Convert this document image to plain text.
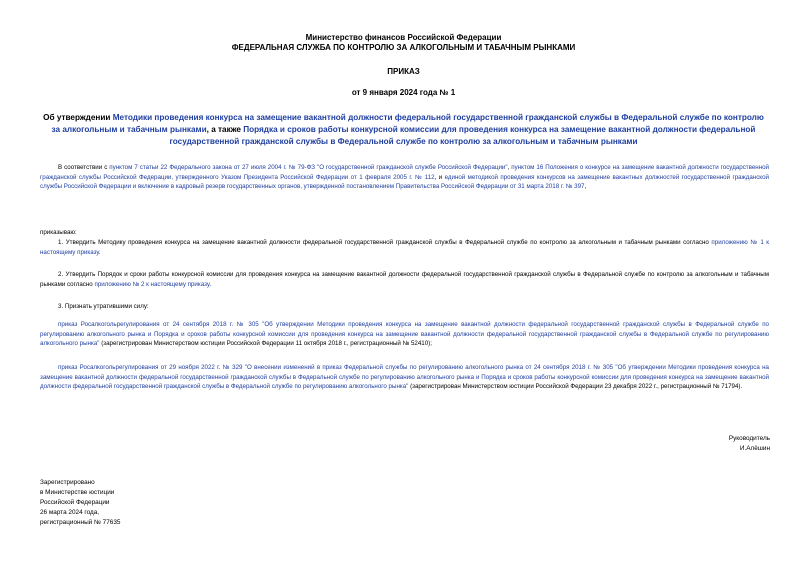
Министерство финансов Российской Федерации
ФЕДЕРАЛЬНАЯ СЛУЖБА ПО КОНТРОЛЮ ЗА АЛКОГОЛЬНЫМ И ТАБАЧНЫМ РЫНКАМИ
ПРИКАЗ
от 9 января 2024 года № 1
Об утверждении Методики проведения конкурса на замещение вакантной должности федеральной государственной гражданской службы в Федеральной службе по контролю за алкогольным и табачным рынками, а также Порядка и сроков работы конкурсной комиссии для проведения конкурса на замещение вакантной должности федеральной государственной гражданской службы в Федеральной службе по контролю за алкогольным и табачным рынками
В соответствии с пунктом 7 статьи 22 Федерального закона от 27 июля 2004 г. № 79-ФЗ "О государственной гражданской службе Российской Федерации", пунктом 16 Положения о конкурсе на замещение вакантной должности государственной гражданской службы Российской Федерации, утвержденного Указом Президента Российской Федерации от 1 февраля 2005 г. № 112, и единой методикой проведения конкурсов на замещение вакантных должностей государственной гражданской службы Российской Федерации и включение в кадровый резерв государственных органов, утвержденной постановлением Правительства Российской Федерации от 31 марта 2018 г. № 397,
приказываю:
1. Утвердить Методику проведения конкурса на замещение вакантной должности федеральной государственной гражданской службы в Федеральной службе по контролю за алкогольным и табачным рынками согласно приложению № 1 к настоящему приказу.
2. Утвердить Порядок и сроки работы конкурсной комиссии для проведения конкурса на замещение вакантной должности федеральной государственной гражданской службы в Федеральной службе по контролю за алкогольным и табачным рынками согласно приложению № 2 к настоящему приказу.
3. Признать утратившими силу:
приказ Росалкогольрегулирования от 24 сентября 2018 г. № 305 "Об утверждении Методики проведения конкурса на замещение вакантной должности федеральной государственной гражданской службы в Федеральной службе по регулированию алкогольного рынка и Порядка и сроков работы конкурсной комиссии для проведения конкурса на замещение вакантной должности федеральной государственной гражданской службы в Федеральной службе по регулированию алкогольного рынка" (зарегистрирован Министерством юстиции Российской Федерации 11 октября 2018 г., регистрационный № 52410);
приказ Росалкогольрегулирования от 29 ноября 2022 г. № 329 "О внесении изменений в приказ Федеральной службы по регулированию алкогольного рынка от 24 сентября 2018 г. № 305 "Об утверждении Методики проведения конкурса на замещение вакантной должности федеральной государственной гражданской службы в Федеральной службе по регулированию алкогольного рынка и Порядка и сроков работы конкурсной комиссии для проведения конкурса на замещение вакантной должности федеральной государственной гражданской службы в Федеральной службе по регулированию алкогольного рынка" (зарегистрирован Министерством юстиции Российской Федерации 23 декабря 2022 г., регистрационный № 71794).
Руководитель
И.Алёшин
Зарегистрировано
в Министерстве юстиции
Российской Федерации
26 марта 2024 года,
регистрационный № 77635
